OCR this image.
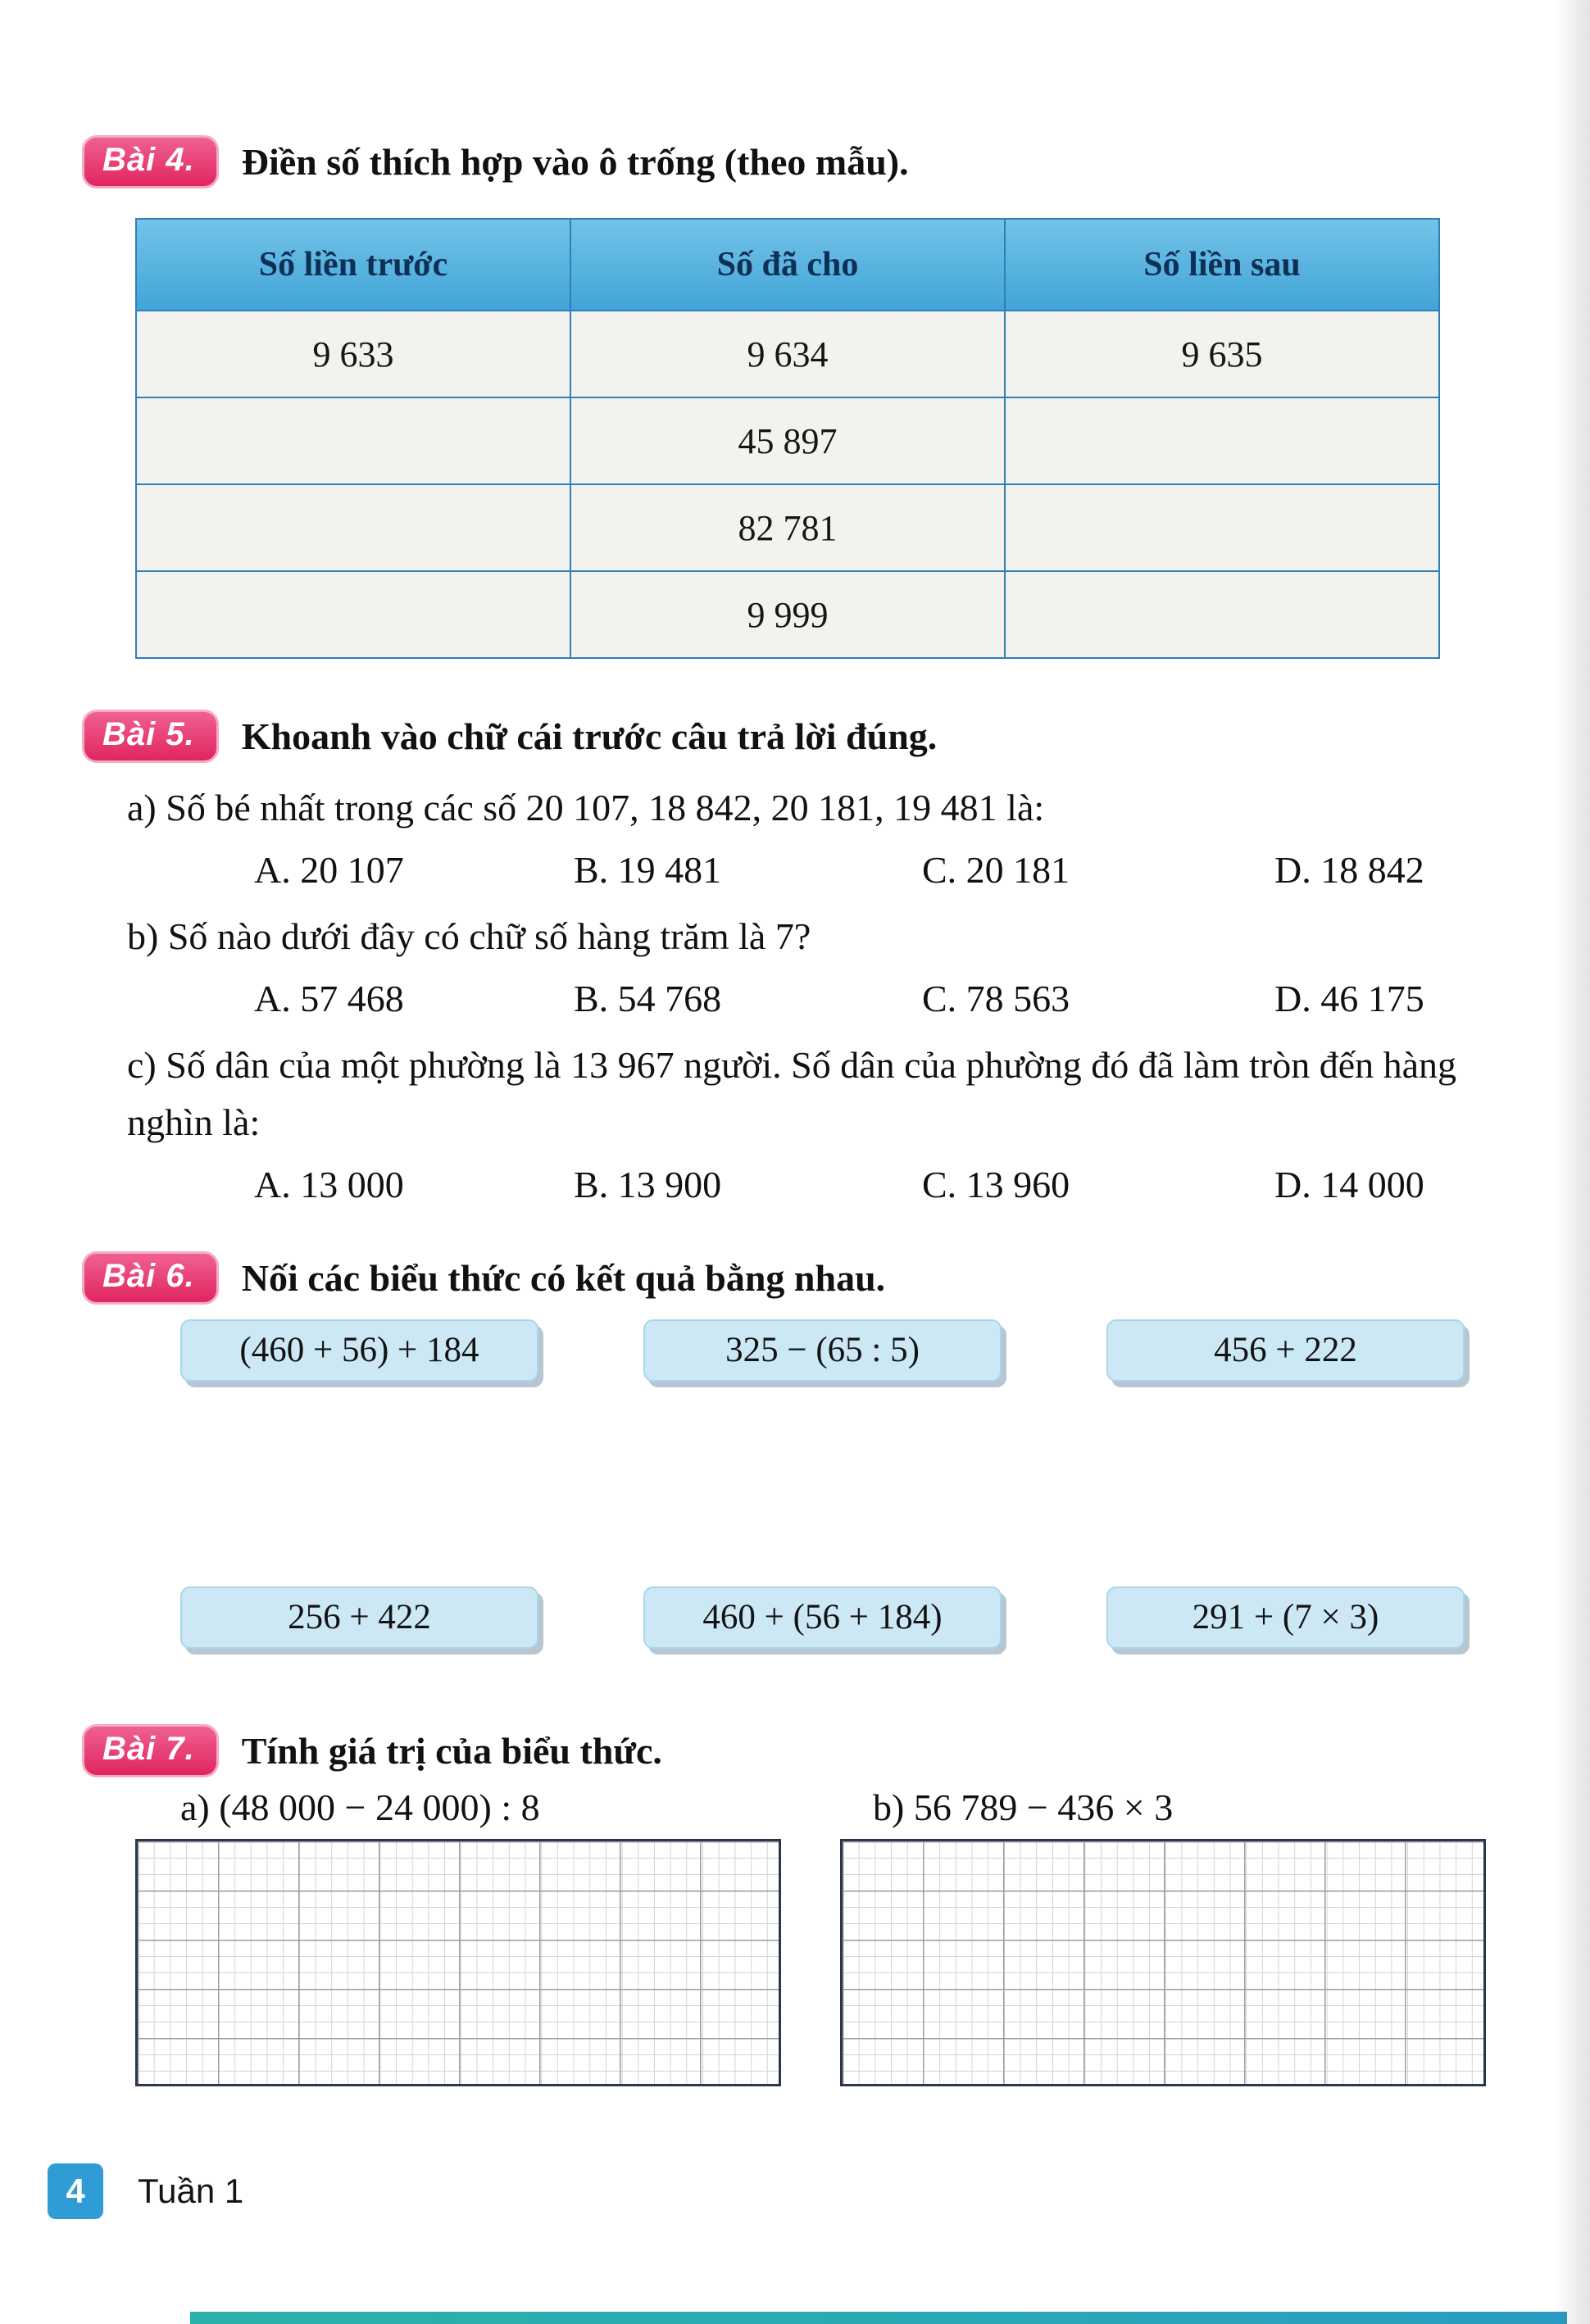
Bài 4.	Điền số thích hợp vào ô trống (theo mẫu).
Số liền trước	Số đã cho	Số liền sau
9 633	9 634	9 635
	45 897	
	82 781	
	9 999	
Bài 5.	Khoanh vào chữ cái trước câu trả lời đúng.
a) Số bé nhất trong các số 20 107, 18 842, 20 181, 19 481 là:
A. 20 107	B. 19 481	C. 20 181	D. 18 842
b) Số nào dưới đây có chữ số hàng trăm là 7?
A. 57 468	B. 54 768	C. 78 563	D. 46 175
c) Số dân của một phường là 13 967 người. Số dân của phường đó đã làm tròn đến hàng nghìn là:
A. 13 000	B. 13 900	C. 13 960	D. 14 000
Bài 6.	Nối các biểu thức có kết quả bằng nhau.
(460 + 56) + 184	325 − (65 : 5)	456 + 222
256 + 422	460 + (56 + 184)	291 + (7 × 3)
Bài 7.	Tính giá trị của biểu thức.
a) (48 000 − 24 000) : 8	b) 56 789 − 436 × 3
4	Tuần 1
